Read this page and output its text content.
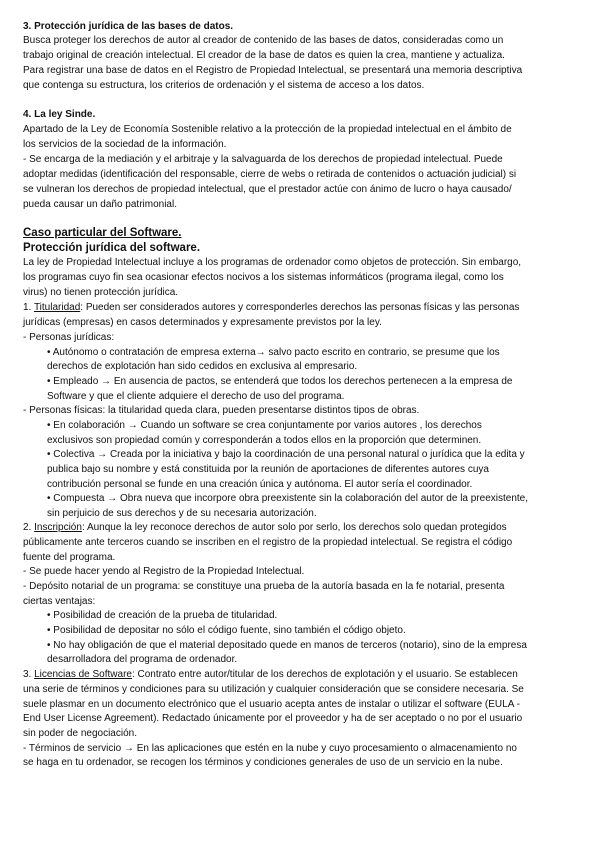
3. Protección jurídica de las bases de datos.
Busca proteger los derechos de autor al creador de contenido de las bases de datos, consideradas como un
trabajo original de creación intelectual. El creador de la base de datos es quien la crea, mantiene y actualiza.
Para registrar una base de datos en el Registro de Propiedad Intelectual, se presentará una memoria descriptiva
que contenga su estructura, los criterios de ordenación y el sistema de acceso a los datos.
4. La ley Sinde.
Apartado de la Ley de Economía Sostenible relativo a la protección de la propiedad intelectual en el ámbito de
los servicios de la sociedad de la información.
- Se encarga de la mediación y el arbitraje y la salvaguarda de los derechos de propiedad intelectual. Puede
adoptar medidas (identificación del responsable, cierre de webs o retirada de contenidos o actuación judicial) si
se vulneran los derechos de propiedad intelectual, que el prestador actúe con ánimo de lucro o haya causado/
pueda causar un daño patrimonial.
Caso particular del Software.
Protección jurídica del software.
La ley de Propiedad Intelectual incluye a los programas de ordenador como objetos de protección. Sin embargo,
los programas cuyo fin sea ocasionar efectos nocivos a los sistemas informáticos (programa ilegal, como los
virus) no tienen protección jurídica.
1. Titularidad: Pueden ser considerados autores y corresponderles derechos las personas físicas y las personas
jurídicas (empresas) en casos determinados y expresamente previstos por la ley.
- Personas jurídicas:
• Autónomo o contratación de empresa externa→ salvo pacto escrito en contrario, se presume que los
derechos de explotación han sido cedidos en exclusiva al empresario.
• Empleado → En ausencia de pactos, se entenderá que todos los derechos pertenecen a la empresa de
Software y que el cliente adquiere el derecho de uso del programa.
- Personas físicas: la titularidad queda clara, pueden presentarse distintos tipos de obras.
• En colaboración → Cuando un software se crea conjuntamente por varios autores , los derechos
exclusivos son propiedad común y corresponderán a todos ellos en la proporción que determinen.
• Colectiva → Creada por la iniciativa y bajo la coordinación de una personal natural o jurídica que la edita y
publica bajo su nombre y está constituida por la reunión de aportaciones de diferentes autores cuya
contribución personal se funde en una creación única y autónoma. El autor sería el coordinador.
• Compuesta → Obra nueva que incorpore obra preexistente sin la colaboración del autor de la preexistente,
sin perjuicio de sus derechos y de su necesaria autorización.
2. Inscripción: Aunque la ley reconoce derechos de autor solo por serlo, los derechos solo quedan protegidos
públicamente ante terceros cuando se inscriben en el registro de la propiedad intelectual. Se registra el código
fuente del programa.
- Se puede hacer yendo al Registro de la Propiedad Intelectual.
- Depósito notarial de un programa: se constituye una prueba de la autoría basada en la fe notarial, presenta
ciertas ventajas:
• Posibilidad de creación de la prueba de titularidad.
• Posibilidad de depositar no sólo el código fuente, sino también el código objeto.
• No hay obligación de que el material depositado quede en manos de terceros (notario), sino de la empresa
desarrolladora del programa de ordenador.
3. Licencias de Software: Contrato entre autor/titular de los derechos de explotación y el usuario. Se establecen
una serie de términos y condiciones para su utilización y cualquier consideración que se considere necesaria. Se
suele plasmar en un documento electrónico que el usuario acepta antes de instalar o utilizar el software (EULA -
End User License Agreement). Redactado únicamente por el proveedor y ha de ser aceptado o no por el usuario
sin poder de negociación.
- Términos de servicio → En las aplicaciones que estén en la nube y cuyo procesamiento o almacenamiento no
se haga en tu ordenador, se recogen los términos y condiciones generales de uso de un servicio en la nube.
